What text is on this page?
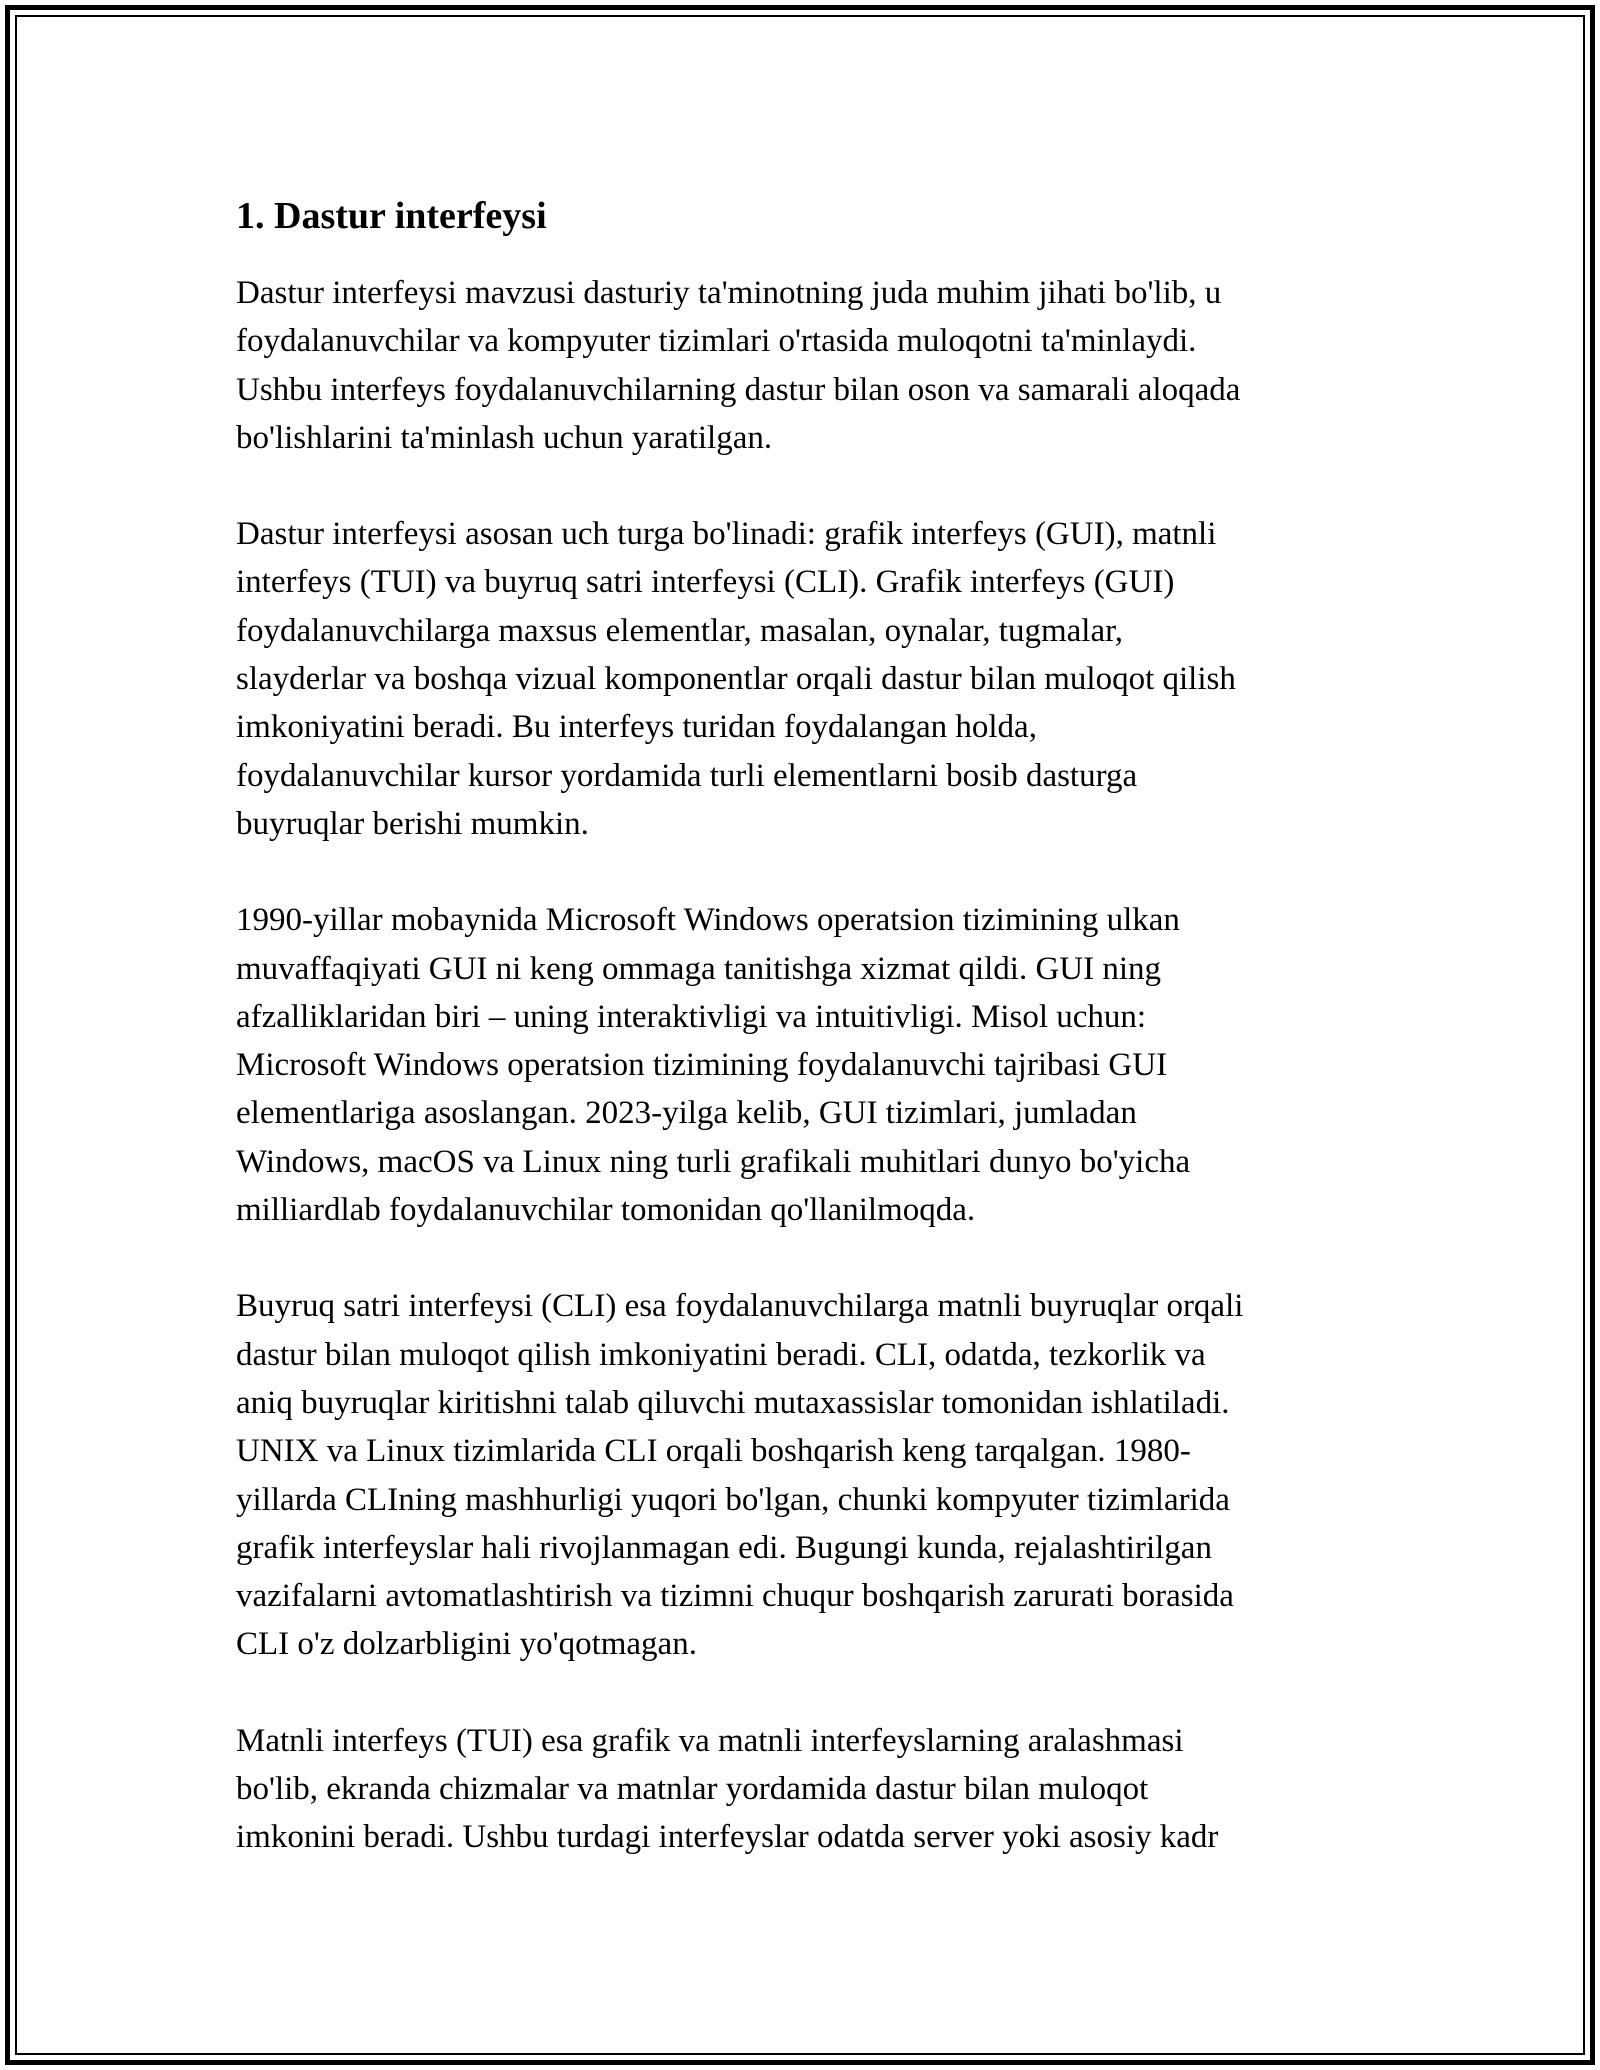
1. Dastur interfeysi

Dastur interfeysi mavzusi dasturiy ta'minotning juda muhim jihati bo'lib, u
foydalanuvchilar va kompyuter tizimlari o'rtasida muloqotni ta'minlaydi.
Ushbu interfeys foydalanuvchilarning dastur bilan oson va samarali aloqada
bo'lishlarini ta'minlash uchun yaratilgan.

Dastur interfeysi asosan uch turga bo'linadi: grafik interfeys (GUI), matnli
interfeys (TUI) va buyruq satri interfeysi (CLI). Grafik interfeys (GUI)
foydalanuvchilarga maxsus elementlar, masalan, oynalar, tugmalar,
slayderlar va boshqa vizual komponentlar orqali dastur bilan muloqot qilish
imkoniyatini beradi. Bu interfeys turidan foydalangan holda,
foydalanuvchilar kursor yordamida turli elementlarni bosib dasturga
buyruqlar berishi mumkin.

1990-yillar mobaynida Microsoft Windows operatsion tizimining ulkan
muvaffaqiyati GUI ni keng ommaga tanitishga xizmat qildi. GUI ning
afzalliklaridan biri – uning interaktivligi va intuitivligi. Misol uchun:
Microsoft Windows operatsion tizimining foydalanuvchi tajribasi GUI
elementlariga asoslangan. 2023-yilga kelib, GUI tizimlari, jumladan
Windows, macOS va Linux ning turli grafikali muhitlari dunyo bo'yicha
milliardlab foydalanuvchilar tomonidan qo'llanilmoqda.

Buyruq satri interfeysi (CLI) esa foydalanuvchilarga matnli buyruqlar orqali
dastur bilan muloqot qilish imkoniyatini beradi. CLI, odatda, tezkorlik va
aniq buyruqlar kiritishni talab qiluvchi mutaxassislar tomonidan ishlatiladi.
UNIX va Linux tizimlarida CLI orqali boshqarish keng tarqalgan. 1980-
yillarda CLIning mashhurligi yuqori bo'lgan, chunki kompyuter tizimlarida
grafik interfeyslar hali rivojlanmagan edi. Bugungi kunda, rejalashtirilgan
vazifalarni avtomatlashtirish va tizimni chuqur boshqarish zarurati borasida
CLI o'z dolzarbligini yo'qotmagan.

Matnli interfeys (TUI) esa grafik va matnli interfeyslarning aralashmasi
bo'lib, ekranda chizmalar va matnlar yordamida dastur bilan muloqot
imkonini beradi. Ushbu turdagi interfeyslar odatda server yoki asosiy kadr
